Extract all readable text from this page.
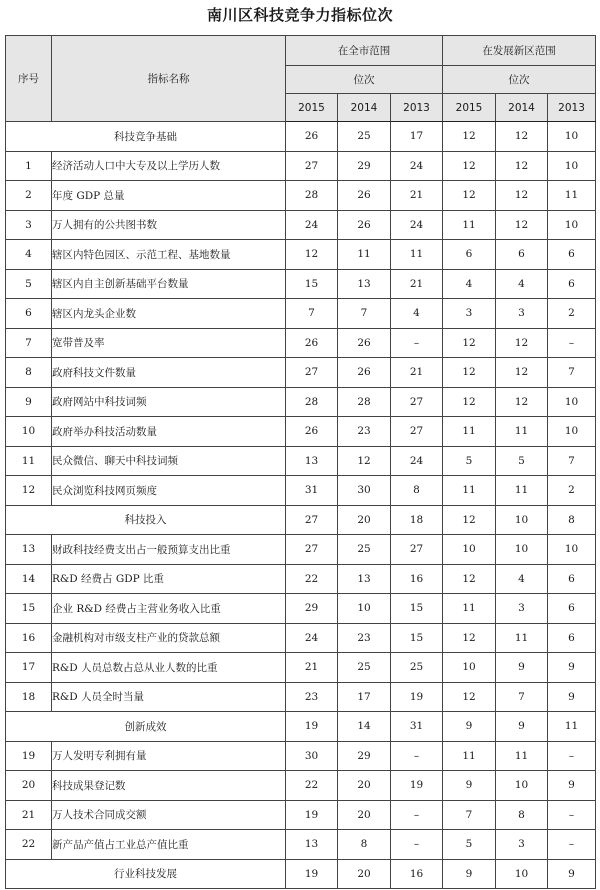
南川区科技竞争力指标位次
序号	指标名称	在全市范围			在发展新区范围		
		位次			位次		
		2015	2014	2013	2015	2014	2013
科技竞争基础		26	25	17	12	12	10
1	经济活动人口中大专及以上学历人数	27	29	24	12	12	10
2	年度 GDP 总量	28	26	21	12	12	11
3	万人拥有的公共图书数	24	26	24	11	12	10
4	辖区内特色园区、示范工程、基地数量	12	11	11	6	6	6
5	辖区内自主创新基础平台数量	15	13	21	4	4	6
6	辖区内龙头企业数	7	7	4	3	3	2
7	宽带普及率	26	26	–	12	12	–
8	政府科技文件数量	27	26	21	12	12	7
9	政府网站中科技词频	28	28	27	12	12	10
10	政府举办科技活动数量	26	23	27	11	11	10
11	民众微信、聊天中科技词频	13	12	24	5	5	7
12	民众浏览科技网页频度	31	30	8	11	11	2
科技投入		27	20	18	12	10	8
13	财政科技经费支出占一般预算支出比重	27	25	27	10	10	10
14	R&D 经费占 GDP 比重	22	13	16	12	4	6
15	企业 R&D 经费占主营业务收入比重	29	10	15	11	3	6
16	金融机构对市级支柱产业的贷款总额	24	23	15	12	11	6
17	R&D 人员总数占总从业人数的比重	21	25	25	10	9	9
18	R&D 人员全时当量	23	17	19	12	7	9
创新成效		19	14	31	9	9	11
19	万人发明专利拥有量	30	29	–	11	11	–
20	科技成果登记数	22	20	19	9	10	9
21	万人技术合同成交额	19	20	–	7	8	–
22	新产品产值占工业总产值比重	13	8	–	5	3	–
行业科技发展		19	20	16	9	10	9
